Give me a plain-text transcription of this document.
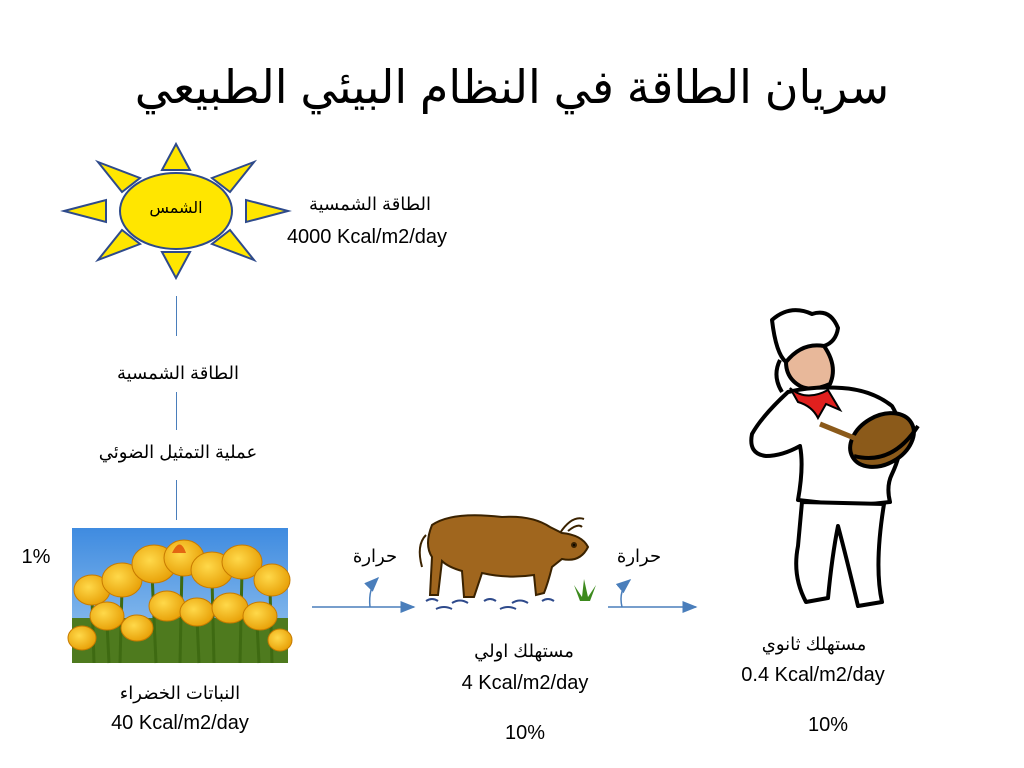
سريان الطاقة في النظام البيئي الطبيعي
الشمس	الطاقة الشمسية
4000 Kcal/m2/day
الطاقة الشمسية
عملية التمثيل الضوئي
1%
النباتات الخضراء
40 Kcal/m2/day
حرارة	حرارة
مستهلك اولي
4 Kcal/m2/day
10%
مستهلك ثانوي
0.4 Kcal/m2/day
10%
